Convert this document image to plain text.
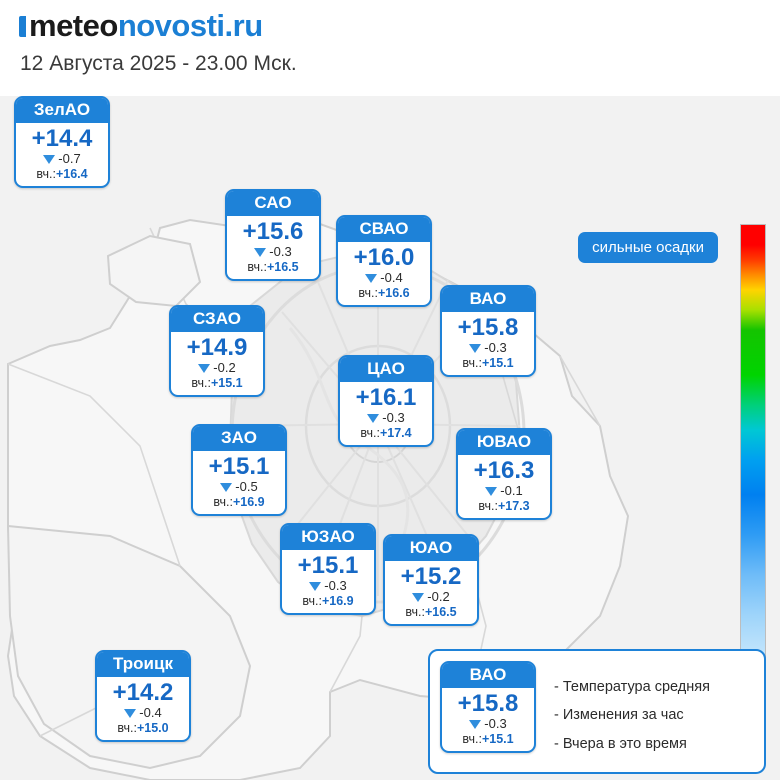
meteo novosti.ru
12 Августа 2025 - 23.00 Мск.
сильные осадки
ЗелАО
+14.4
-0.7
вч.:+16.4
САО
+15.6
-0.3
вч.:+16.5
СВАО
+16.0
-0.4
вч.:+16.6	ВАО
+15.8
-0.3
вч.:+15.1
СЗАО
+14.9
-0.2
вч.:+15.1
ЦАО
+16.1
-0.3
вч.:+17.4
ЗАО
+15.1
-0.5
вч.:+16.9
ЮВАО
+16.3
-0.1
вч.:+17.3
ЮЗАО
+15.1
-0.3
вч.:+16.9
ЮАО
+15.2
-0.2
вч.:+16.5
Троицк
+14.2
-0.4
вч.:+15.0
ВАО
+15.8
-0.3
вч.:+15.1
- Температура средняя
- Изменения за час
- Вчера в это время
